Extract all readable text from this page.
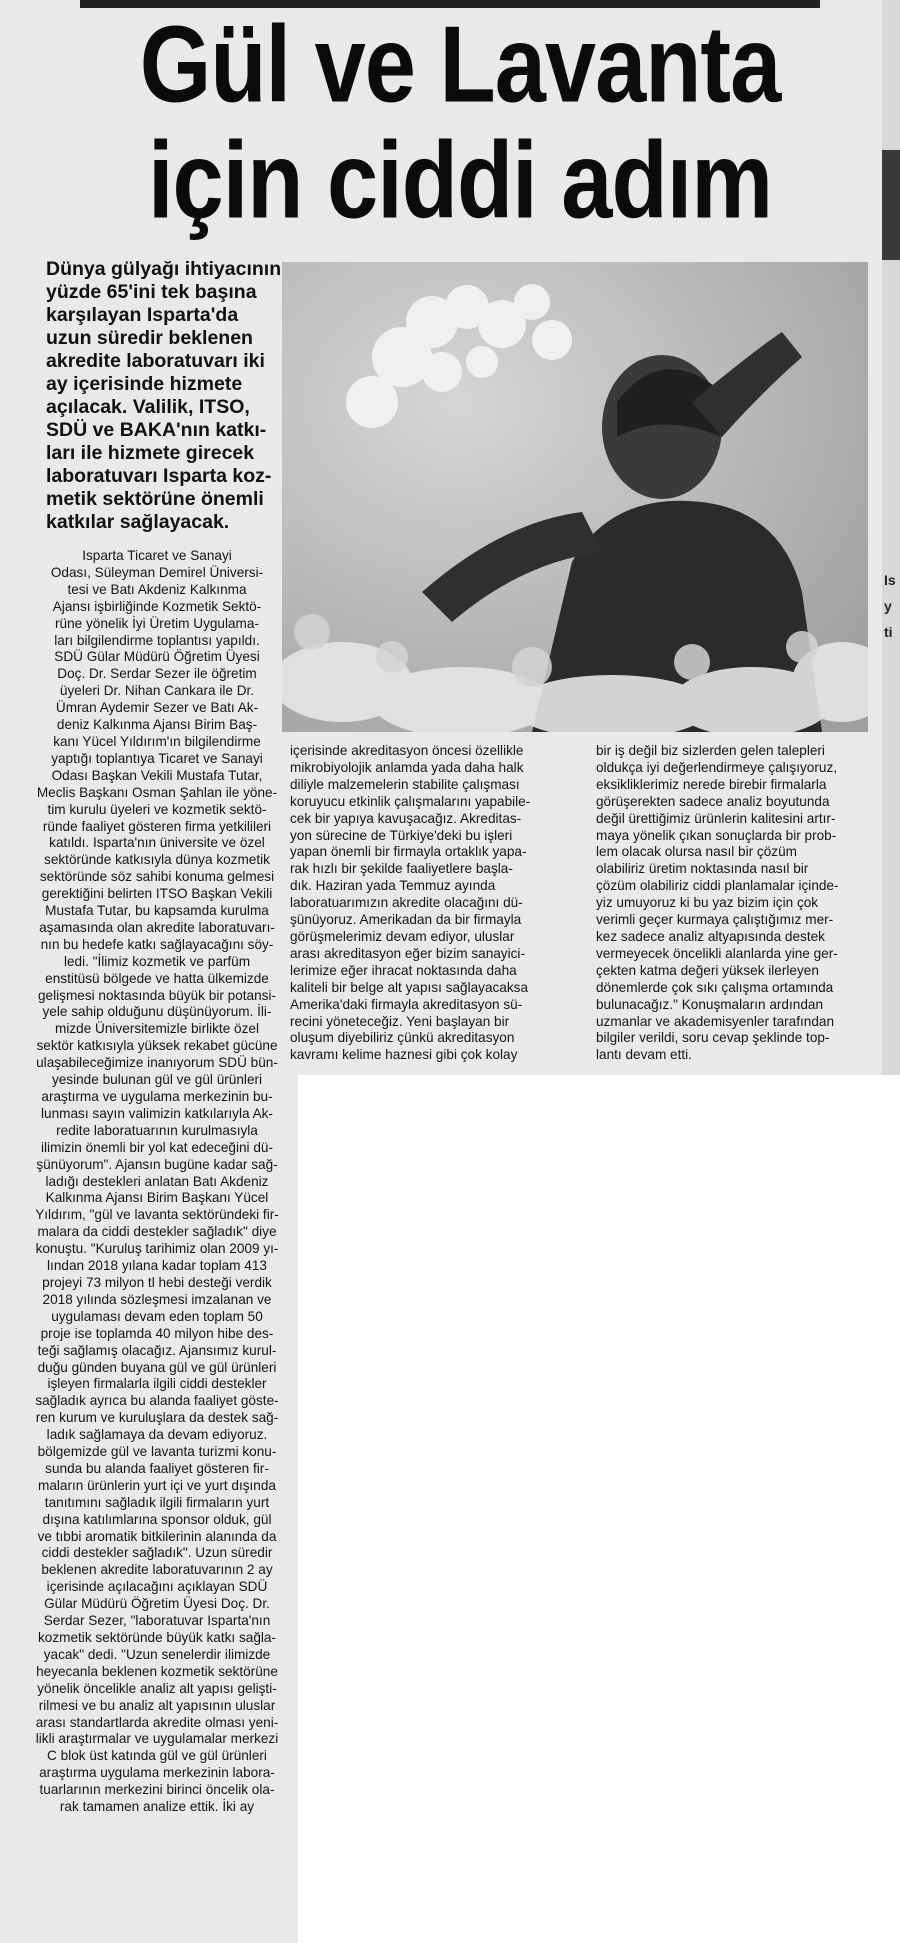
Gül ve Lavanta
için ciddi adım
Dünya gülyağı ihtiyacının
yüzde 65'ini tek başına
karşılayan Isparta'da
uzun süredir beklenen
akredite laboratuvarı iki
ay içerisinde hizmete
açılacak. Valilik, ITSO,
SDÜ ve BAKA'nın katkı-
ları ile hizmete girecek
laboratuvarı Isparta koz-
metik sektörüne önemli
katkılar sağlayacak.
Isparta Ticaret ve Sanayi
Odası, Süleyman Demirel Üniversi-
tesi ve Batı Akdeniz Kalkınma
Ajansı işbirliğinde Kozmetik Sektö-
rüne yönelik İyi Üretim Uygulama-
ları bilgilendirme toplantısı yapıldı.
SDÜ Gülar Müdürü Öğretim Üyesi
Doç. Dr. Serdar Sezer ile öğretim
üyeleri Dr. Nihan Cankara ile Dr.
Ümran Aydemir Sezer ve Batı Ak-
deniz Kalkınma Ajansı Birim Baş-
kanı Yücel Yıldırım'ın bilgilendirme
yaptığı toplantıya Ticaret ve Sanayi
Odası Başkan Vekili Mustafa Tutar,
Meclis Başkanı Osman Şahlan ile yöne-
tim kurulu üyeleri ve kozmetik sektö-
ründe faaliyet gösteren firma yetkilileri
katıldı. Isparta'nın üniversite ve özel
sektöründe katkısıyla dünya kozmetik
sektöründe söz sahibi konuma gelmesi
gerektiğini belirten ITSO Başkan Vekili
Mustafa Tutar, bu kapsamda kurulma
aşamasında olan akredite laboratuvarı-
nın bu hedefe katkı sağlayacağını söy-
ledi. "İlimiz kozmetik ve parfüm
enstitüsü bölgede ve hatta ülkemizde
gelişmesi noktasında büyük bir potansi-
yele sahip olduğunu düşünüyorum. İli-
mizde Üniversitemizle birlikte özel
sektör katkısıyla yüksek rekabet gücüne
ulaşabileceğimize inanıyorum SDÜ bün-
yesinde bulunan gül ve gül ürünleri
araştırma ve uygulama merkezinin bu-
lunması sayın valimizin katkılarıyla Ak-
redite laboratuarının kurulmasıyla
ilimizin önemli bir yol kat edeceğini dü-
şünüyorum". Ajansın bugüne kadar sağ-
ladığı destekleri anlatan Batı Akdeniz
Kalkınma Ajansı Birim Başkanı Yücel
Yıldırım, "gül ve lavanta sektöründeki fir-
malara da ciddi destekler sağladık" diye
konuştu. "Kuruluş tarihimiz olan 2009 yı-
lından 2018 yılana kadar toplam 413
projeyi 73 milyon tl hebi desteği verdik
2018 yılında sözleşmesi imzalanan ve
uygulaması devam eden toplam 50
proje ise toplamda 40 milyon hibe des-
teği sağlamış olacağız. Ajansımız kurul-
duğu günden buyana gül ve gül ürünleri
işleyen firmalarla ilgili ciddi destekler
sağladık ayrıca bu alanda faaliyet göste-
ren kurum ve kuruluşlara da destek sağ-
ladık sağlamaya da devam ediyoruz.
bölgemizde gül ve lavanta turizmi konu-
sunda bu alanda faaliyet gösteren fir-
maların ürünlerin yurt içi ve yurt dışında
tanıtımını sağladık ilgili firmaların yurt
dışına katılımlarına sponsor olduk, gül
ve tıbbi aromatik bitkilerinin alanında da
ciddi destekler sağladık". Uzun süredir
beklenen akredite laboratuvarının 2 ay
içerisinde açılacağını açıklayan SDÜ
Gülar Müdürü Öğretim Üyesi Doç. Dr.
Serdar Sezer, "laboratuvar Isparta'nın
kozmetik sektöründe büyük katkı sağla-
yacak" dedi. "Uzun senelerdir ilimizde
heyecanla beklenen kozmetik sektörüne
yönelik öncelikle analiz alt yapısı gelişti-
rilmesi ve bu analiz alt yapısının uluslar
arası standartlarda akredite olması yeni-
likli araştırmalar ve uygulamalar merkezi
C blok üst katında gül ve gül ürünleri
araştırma uygulama merkezinin labora-
tuarlarının merkezini birinci öncelik ola-
rak tamamen analize ettik. İki ay
içerisinde akreditasyon öncesi özellikle
mikrobiyolojik anlamda yada daha halk
diliyle malzemelerin stabilite çalışması
koruyucu etkinlik çalışmalarını yapabile-
cek bir yapıya kavuşacağız. Akreditas-
yon sürecine de Türkiye'deki bu işleri
yapan önemli bir firmayla ortaklık yapa-
rak hızlı bir şekilde faaliyetlere başla-
dık. Haziran yada Temmuz ayında
laboratuarımızın akredite olacağını dü-
şünüyoruz. Amerikadan da bir firmayla
görüşmelerimiz devam ediyor, uluslar
arası akreditasyon eğer bizim sanayici-
lerimize eğer ihracat noktasında daha
kaliteli bir belge alt yapısı sağlayacaksa
Amerika'daki firmayla akreditasyon sü-
recini yöneteceğiz. Yeni başlayan bir
oluşum diyebiliriz çünkü akreditasyon
kavramı kelime haznesi gibi çok kolay
bir iş değil biz sizlerden gelen talepleri
oldukça iyi değerlendirmeye çalışıyoruz,
eksikliklerimiz nerede birebir firmalarla
görüşerekten sadece analiz boyutunda
değil ürettiğimiz ürünlerin kalitesini artır-
maya yönelik çıkan sonuçlarda bir prob-
lem olacak olursa nasıl bir çözüm
olabiliriz üretim noktasında nasıl bir
çözüm olabiliriz ciddi planlamalar içinde-
yiz umuyoruz ki bu yaz bizim için çok
verimli geçer kurmaya çalıştığımız mer-
kez sadece analiz altyapısında destek
vermeyecek öncelikli alanlarda yine ger-
çekten katma değeri yüksek ilerleyen
dönemlerde çok sıkı çalışma ortamında
bulunacağız." Konuşmaların ardından
uzmanlar ve akademisyenler tarafından
bilgiler verildi, soru cevap şeklinde top-
lantı devam etti.
Is
y
ti
